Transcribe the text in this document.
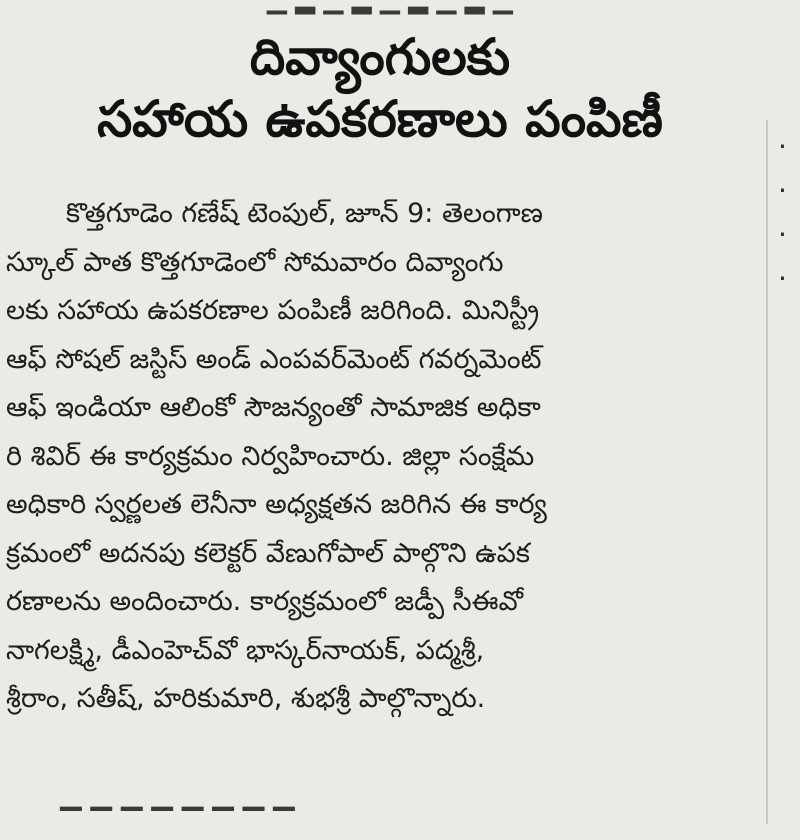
▁ ▂ ▁ ▂ ▁ ▂ ▁ ▂ ▁
దివ్యాంగులకు
సహాయ ఉపకరణాలు పంపిణీ
కొత్తగూడెం గణేష్ టెంపుల్, జూన్ 9: తెలంగాణ
స్కూల్ పాత కొత్తగూడెంలో సోమవారం దివ్యాంగు
లకు సహాయ ఉపకరణాల పంపిణీ జరిగింది. మినిస్ట్రీ
ఆఫ్ సోషల్ జస్టిస్ అండ్ ఎంపవర్‌మెంట్ గవర్నమెంట్
ఆఫ్ ఇండియా ఆలింకో సౌజన్యంతో సామాజిక అధికా
రి శివిర్ ఈ కార్యక్రమం నిర్వహించారు. జిల్లా సంక్షేమ
అధికారి స్వర్ణలత లెనీనా అధ్యక్షతన జరిగిన ఈ కార్య
క్రమంలో అదనపు కలెక్టర్ వేణుగోపాల్ పాల్గొని ఉపక
రణాలను అందించారు. కార్యక్రమంలో జడ్పీ సీఈవో
నాగలక్ష్మి, డీఎంహెచ్‌వో భాస్కర్‌నాయక్, పద్మశ్రీ,
శ్రీరాం, సతీష్, హరికుమారి, శుభశ్రీ పాల్గొన్నారు.
·
·
·
·
▔ ▔ ▔ ▔ ▔ ▔ ▔ ▔
